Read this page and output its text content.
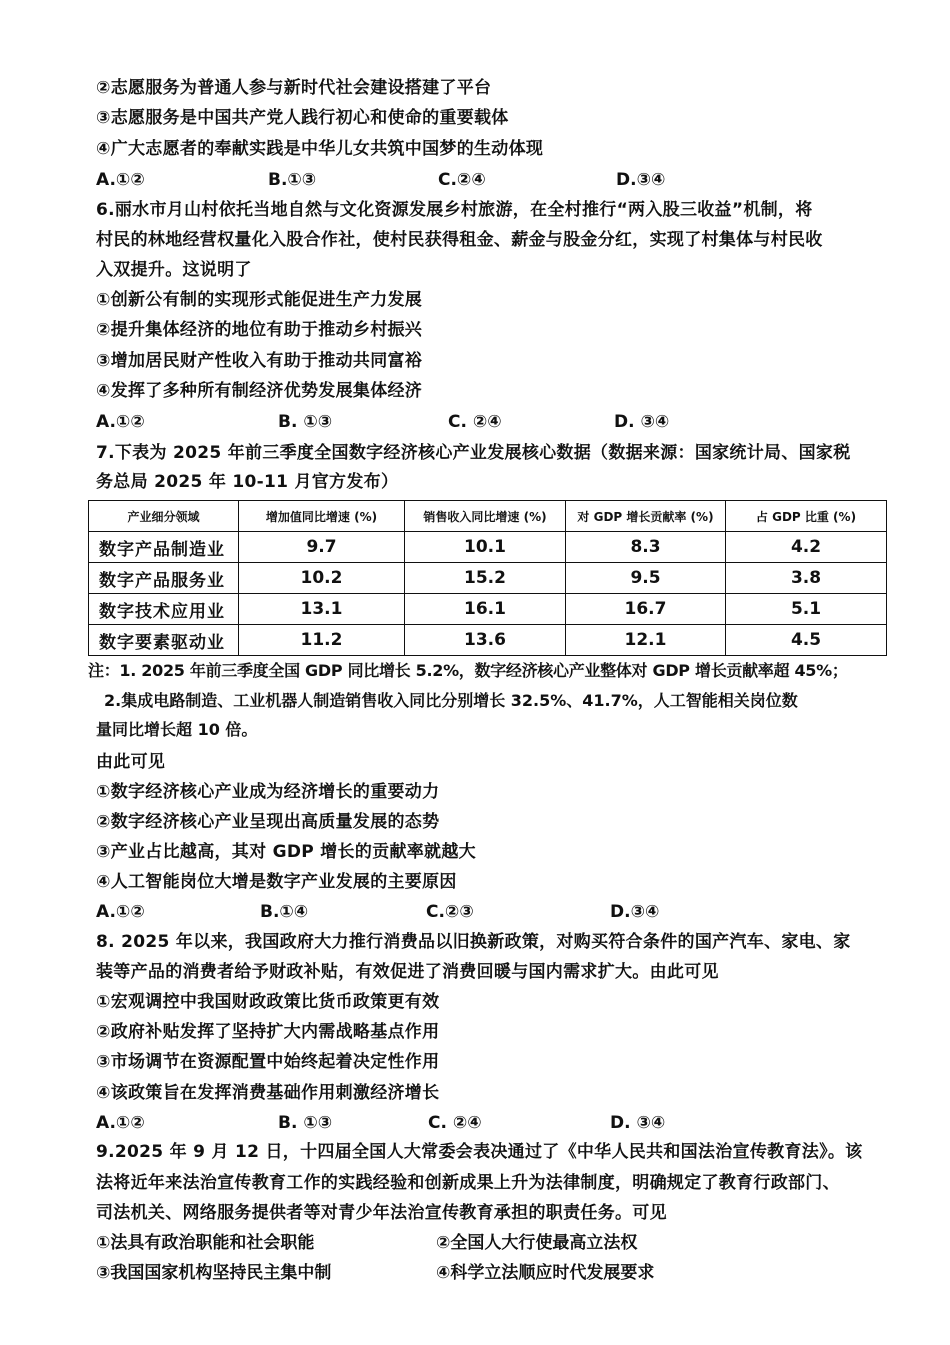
②志愿服务为普通人参与新时代社会建设搭建了平台
③志愿服务是中国共产党人践行初心和使命的重要载体
④广大志愿者的奉献实践是中华儿女共筑中国梦的生动体现
A.①②	B.①③	C.②④	D.③④
6.丽水市月山村依托当地自然与文化资源发展乡村旅游，在全村推行“两入股三收益”机制，将
村民的林地经营权量化入股合作社，使村民获得租金、薪金与股金分红，实现了村集体与村民收
入双提升。这说明了
①创新公有制的实现形式能促进生产力发展
②提升集体经济的地位有助于推动乡村振兴
③增加居民财产性收入有助于推动共同富裕
④发挥了多种所有制经济优势发展集体经济
A.①②	B. ①③	C. ②④	D. ③④
7.下表为 2025 年前三季度全国数字经济核心产业发展核心数据（数据来源：国家统计局、国家税
务总局 2025 年 10-11 月官方发布）
产业细分领域	增加值同比增速 (%)	销售收入同比增速 (%)	对 GDP 增长贡献率 (%)	占 GDP 比重 (%)
数字产品制造业	9.7	10.1	8.3	4.2
数字产品服务业	10.2	15.2	9.5	3.8
数字技术应用业	13.1	16.1	16.7	5.1
数字要素驱动业	11.2	13.6	12.1	4.5
注：1. 2025 年前三季度全国 GDP 同比增长 5.2%，数字经济核心产业整体对 GDP 增长贡献率超 45%；
2.集成电路制造、工业机器人制造销售收入同比分别增长 32.5%、41.7%，人工智能相关岗位数
量同比增长超 10 倍。
由此可见
①数字经济核心产业成为经济增长的重要动力
②数字经济核心产业呈现出高质量发展的态势
③产业占比越高，其对 GDP 增长的贡献率就越大
④人工智能岗位大增是数字产业发展的主要原因
A.①②	B.①④	C.②③	D.③④
8. 2025 年以来，我国政府大力推行消费品以旧换新政策，对购买符合条件的国产汽车、家电、家
装等产品的消费者给予财政补贴，有效促进了消费回暖与国内需求扩大。由此可见
①宏观调控中我国财政政策比货币政策更有效
②政府补贴发挥了坚持扩大内需战略基点作用
③市场调节在资源配置中始终起着决定性作用
④该政策旨在发挥消费基础作用刺激经济增长
A.①②	B. ①③	C. ②④	D. ③④
9.2025 年 9 月 12 日，十四届全国人大常委会表决通过了《中华人民共和国法治宣传教育法》。该
法将近年来法治宣传教育工作的实践经验和创新成果上升为法律制度，明确规定了教育行政部门、
司法机关、网络服务提供者等对青少年法治宣传教育承担的职责任务。可见
①法具有政治职能和社会职能	②全国人大行使最高立法权
③我国国家机构坚持民主集中制	④科学立法顺应时代发展要求
